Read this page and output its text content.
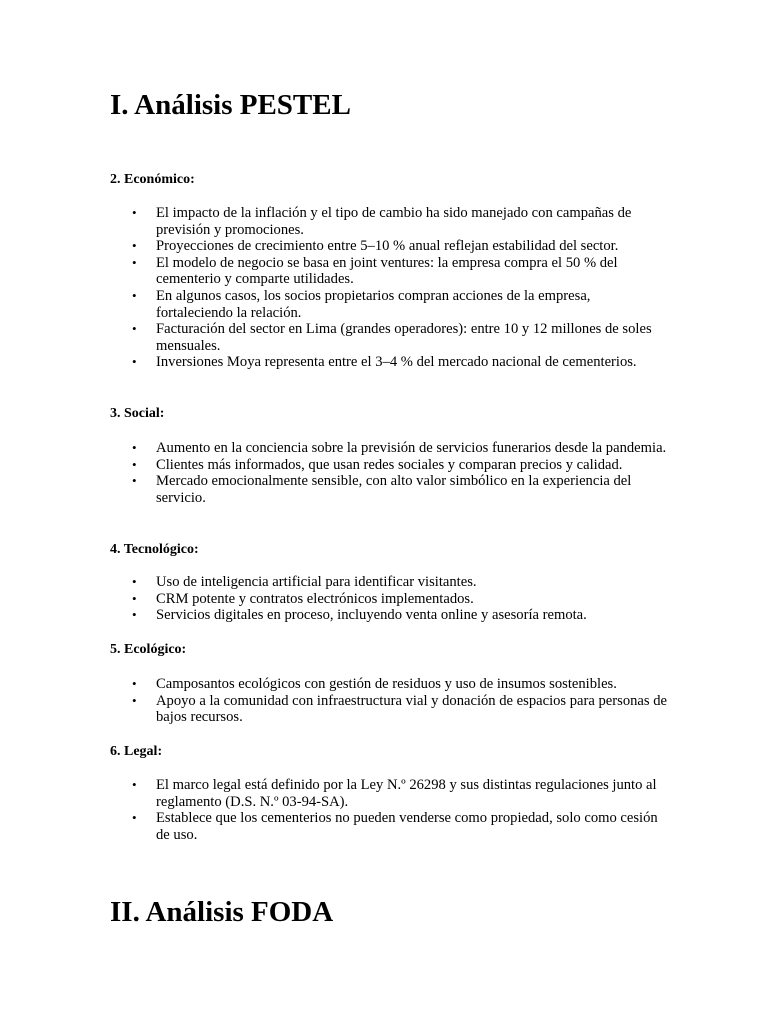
I. Análisis PESTEL

2. Económico:

• El impacto de la inflación y el tipo de cambio ha sido manejado con campañas de previsión y promociones.
• Proyecciones de crecimiento entre 5–10 % anual reflejan estabilidad del sector.
• El modelo de negocio se basa en joint ventures: la empresa compra el 50 % del cementerio y comparte utilidades.
• En algunos casos, los socios propietarios compran acciones de la empresa, fortaleciendo la relación.
• Facturación del sector en Lima (grandes operadores): entre 10 y 12 millones de soles mensuales.
• Inversiones Moya representa entre el 3–4 % del mercado nacional de cementerios.

3. Social:

• Aumento en la conciencia sobre la previsión de servicios funerarios desde la pandemia.
• Clientes más informados, que usan redes sociales y comparan precios y calidad.
• Mercado emocionalmente sensible, con alto valor simbólico en la experiencia del servicio.

4. Tecnológico:

• Uso de inteligencia artificial para identificar visitantes.
• CRM potente y contratos electrónicos implementados.
• Servicios digitales en proceso, incluyendo venta online y asesoría remota.

5. Ecológico:

• Camposantos ecológicos con gestión de residuos y uso de insumos sostenibles.
• Apoyo a la comunidad con infraestructura vial y donación de espacios para personas de bajos recursos.

6. Legal:

• El marco legal está definido por la Ley N.º 26298 y sus distintas regulaciones junto al reglamento (D.S. N.º 03-94-SA).
• Establece que los cementerios no pueden venderse como propiedad, solo como cesión de uso.
II. Análisis FODA
